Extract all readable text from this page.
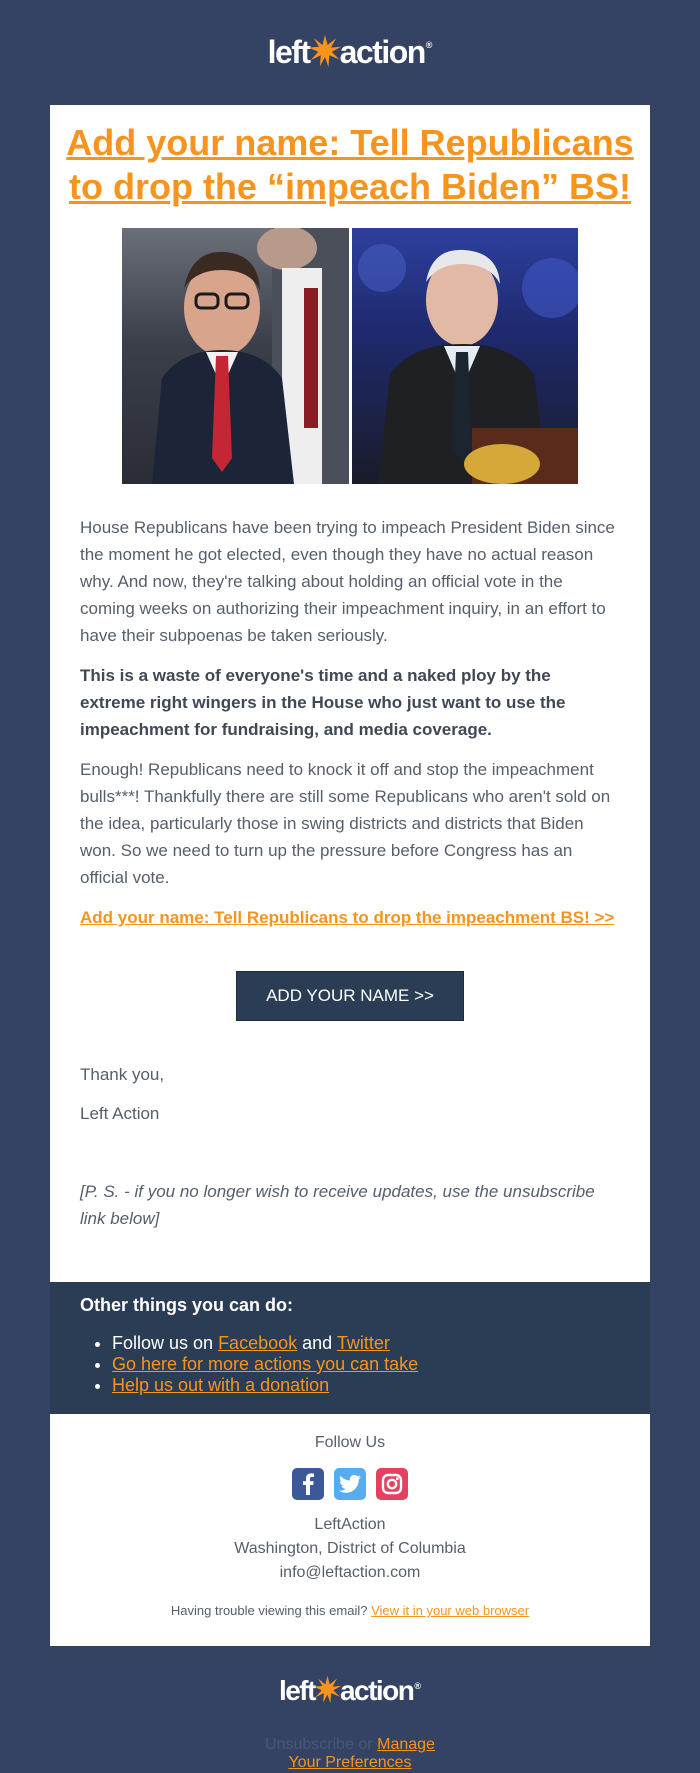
left action ®
Add your name: Tell Republicans to drop the “impeach Biden” BS!

House Republicans have been trying to impeach President Biden since the moment he got elected, even though they have no actual reason why. And now, they're talking about holding an official vote in the coming weeks on authorizing their impeachment inquiry, in an effort to have their subpoenas be taken seriously.

This is a waste of everyone's time and a naked ploy by the extreme right wingers in the House who just want to use the impeachment for fundraising, and media coverage.

Enough! Republicans need to knock it off and stop the impeachment bulls***! Thankfully there are still some Republicans who aren't sold on the idea, particularly those in swing districts and districts that Biden won. So we need to turn up the pressure before Congress has an official vote.

Add your name: Tell Republicans to drop the impeachment BS! >>
ADD YOUR NAME >>

Thank you,

Left Action

[P. S. - if you no longer wish to receive updates, use the unsubscribe link below]

Other things you can do:
• Follow us on Facebook and Twitter
• Go here for more actions you can take
• Help us out with a donation

Follow Us

LeftAction
Washington, District of Columbia
info@leftaction.com

Having trouble viewing this email? View it in your web browser

left action ®
Unsubscribe or Manage
Your Preferences
